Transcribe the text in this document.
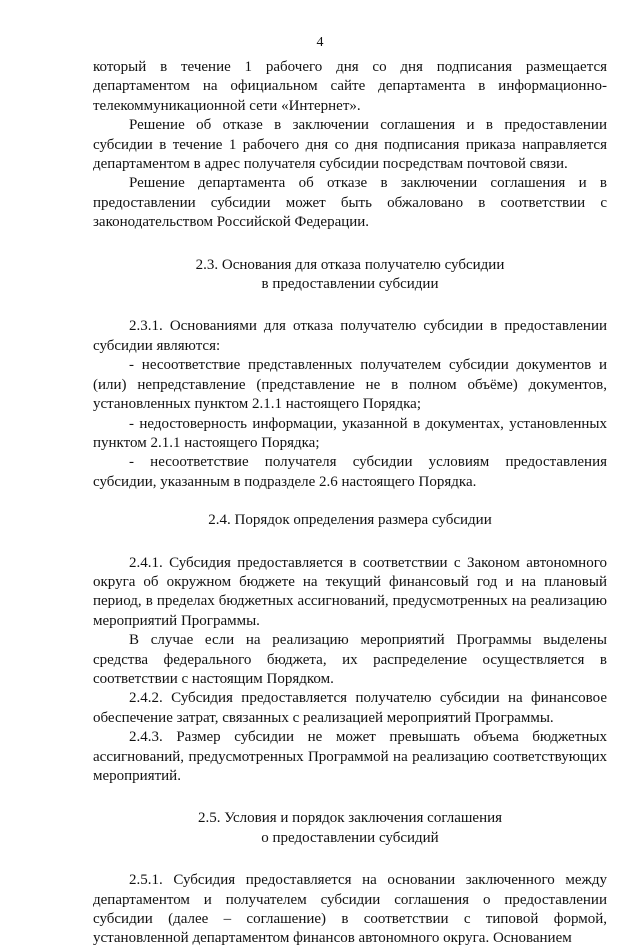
4

который в течение 1 рабочего дня со дня подписания размещается департаментом на официальном сайте департамента в информационно-телекоммуникационной сети «Интернет».

Решение об отказе в заключении соглашения и в предоставлении субсидии в течение 1 рабочего дня со дня подписания приказа направляется департаментом в адрес получателя субсидии посредствам почтовой связи.

Решение департамента об отказе в заключении соглашения и в предоставлении субсидии может быть обжаловано в соответствии с законодательством Российской Федерации.

2.3. Основания для отказа получателю субсидии

в предоставлении субсидии

2.3.1. Основаниями для отказа получателю субсидии в предоставлении субсидии являются:

- несоответствие представленных получателем субсидии документов и (или) непредставление (представление не в полном объёме) документов, установленных пунктом 2.1.1 настоящего Порядка;

- недостоверность информации, указанной в документах, установленных пунктом 2.1.1 настоящего Порядка;

- несоответствие получателя субсидии условиям предоставления субсидии, указанным в подразделе 2.6 настоящего Порядка.

2.4. Порядок определения размера субсидии

2.4.1. Субсидия предоставляется в соответствии с Законом автономного округа об окружном бюджете на текущий финансовый год и на плановый период, в пределах бюджетных ассигнований, предусмотренных на реализацию мероприятий Программы.

В случае если на реализацию мероприятий Программы выделены средства федерального бюджета, их распределение осуществляется в соответствии с настоящим Порядком.

2.4.2. Субсидия предоставляется получателю субсидии на финансовое обеспечение затрат, связанных с реализацией мероприятий Программы.

2.4.3. Размер субсидии не может превышать объема бюджетных ассигнований, предусмотренных Программой на реализацию соответствующих мероприятий.

2.5. Условия и порядок заключения соглашения

о предоставлении субсидий

2.5.1. Субсидия предоставляется на основании заключенного между департаментом и получателем субсидии соглашения о предоставлении субсидии (далее – соглашение) в соответствии с типовой формой, установленной департаментом финансов автономного округа. Основанием
